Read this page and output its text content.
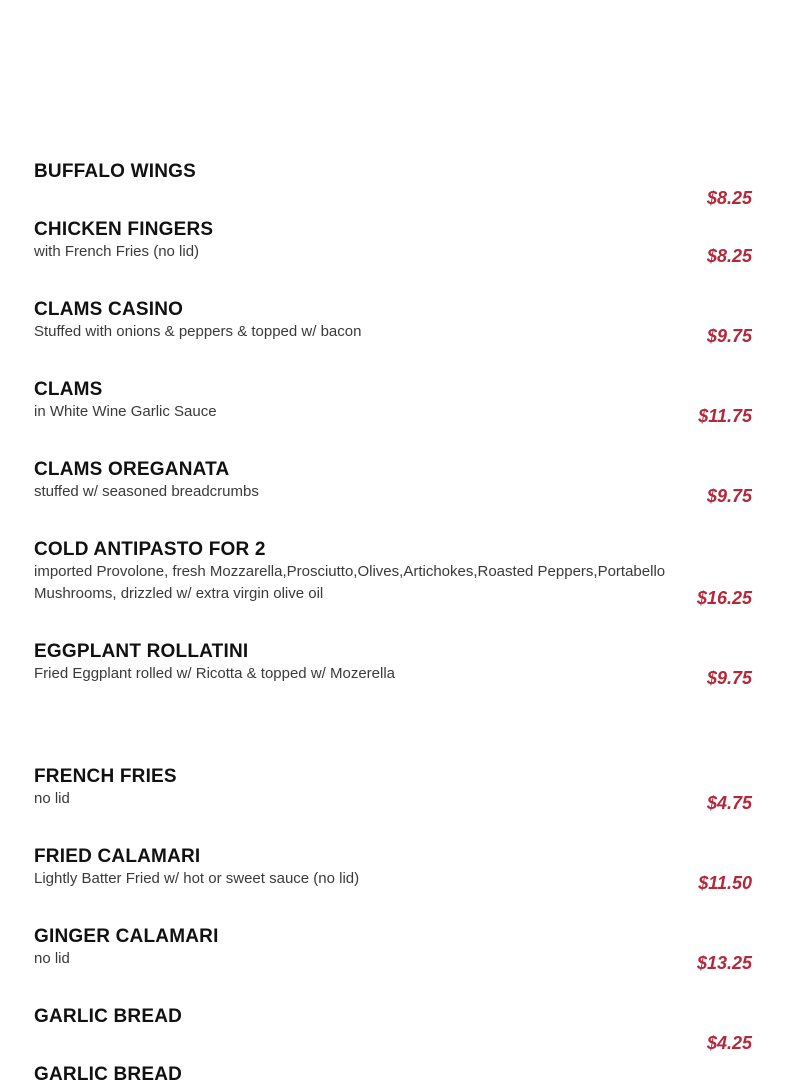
BUFFALO WINGS
$8.25
CHICKEN FINGERS
with French Fries (no lid)	$8.25
CLAMS CASINO
Stuffed with onions & peppers & topped w/ bacon	$9.75
CLAMS
in White Wine Garlic Sauce	$11.75
CLAMS OREGANATA
stuffed w/ seasoned breadcrumbs	$9.75
COLD ANTIPASTO FOR 2
imported Provolone, fresh Mozzarella,Prosciutto,Olives,Artichokes,Roasted Peppers,Portabello Mushrooms, drizzled w/ extra virgin olive oil	$16.25
EGGPLANT ROLLATINI
Fried Eggplant rolled w/ Ricotta & topped w/ Mozerella	$9.75
FRENCH FRIES
no lid	$4.75
FRIED CALAMARI
Lightly Batter Fried w/ hot or sweet sauce (no lid)	$11.50
GINGER CALAMARI
no lid	$13.25
GARLIC BREAD
$4.25
GARLIC BREAD
